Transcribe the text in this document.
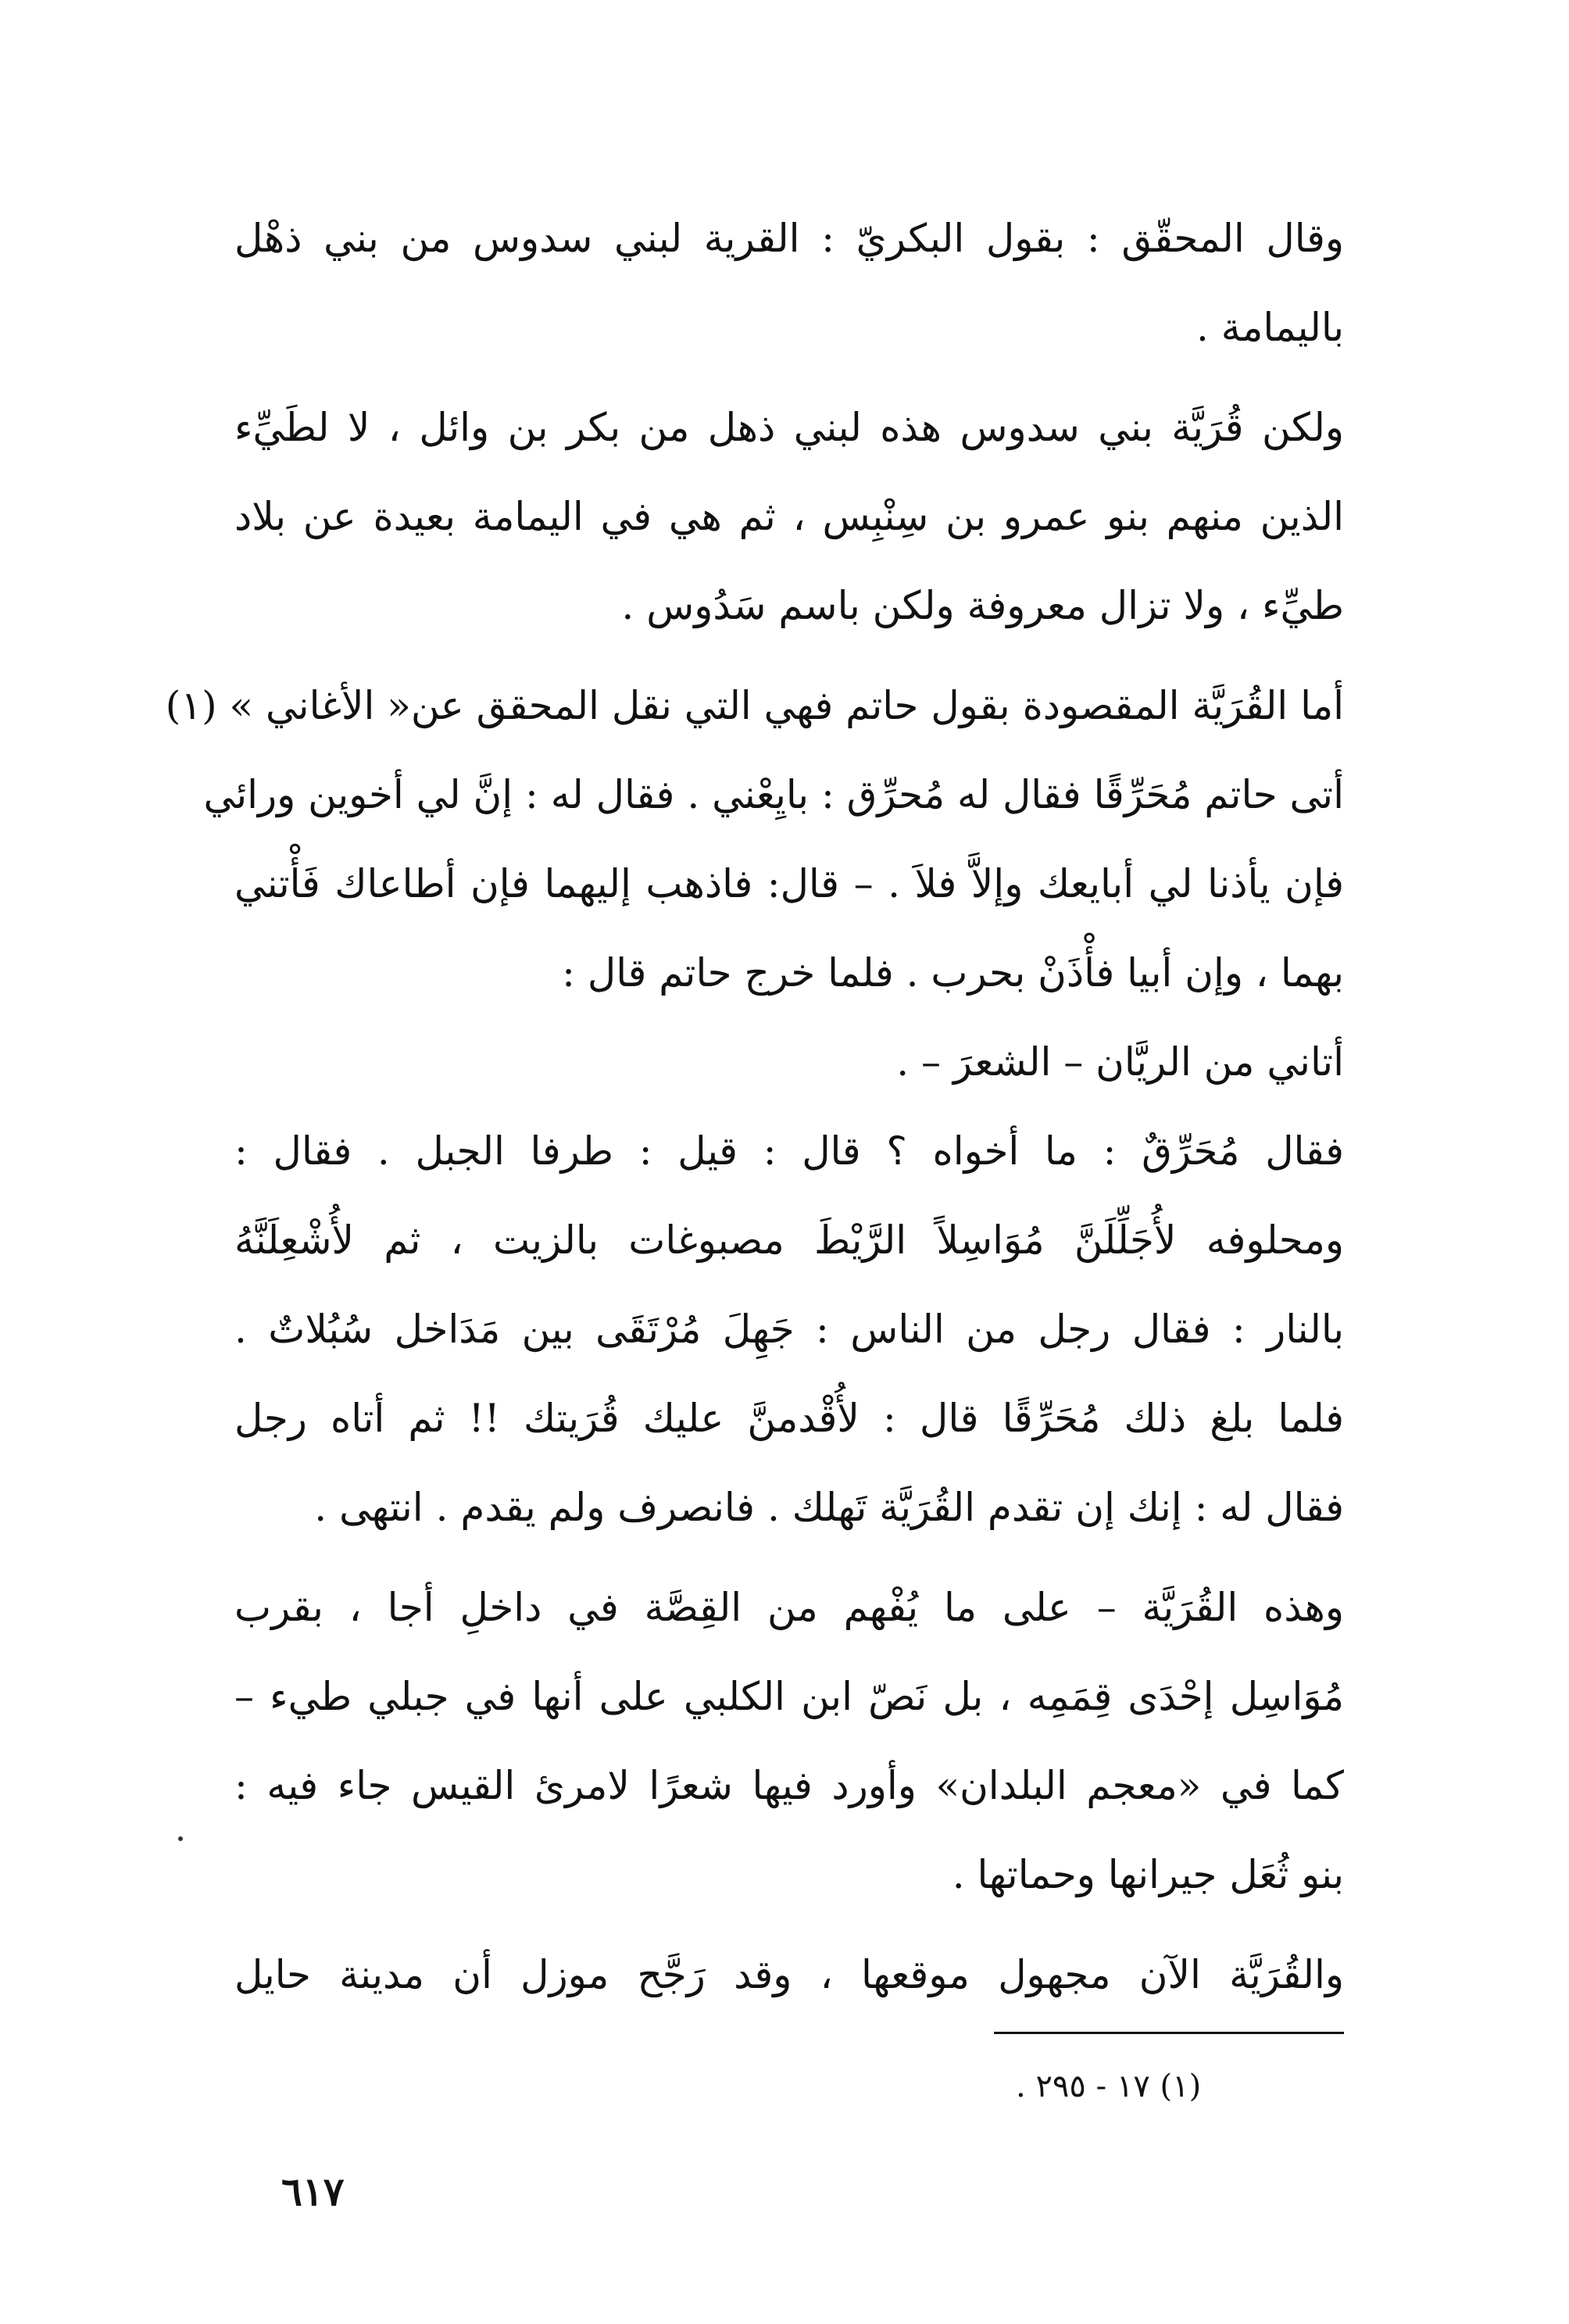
وقال المحقّق : بقول البكريّ : القرية لبني سدوس من بني ذهْل
باليمامة .
ولكن قُرَيَّة بني سدوس هذه لبني ذهل من بكر بن وائل ، لا لطَيِّء
الذين منهم بنو عمرو بن سِنْبِس ، ثم هي في اليمامة بعيدة عن بلاد
طيِّء ، ولا تزال معروفة ولكن باسم سَدُوس .
أما القُرَيَّة المقصودة بقول حاتم فهي التي نقل المحقق عن« الأغاني » (١)
أتى حاتم مُحَرِّقًا فقال له مُحرِّق : بايِعْني . فقال له : إنَّ لي أخوين ورائي
فإن يأذنا لي أبايعك وإلاَّ فلاَ . – قال: فاذهب إليهما فإن أطاعاك فَأْتني
بهما ، وإن أبيا فأْذَنْ بحرب . فلما خرج حاتم قال :
أتاني من الريَّان – الشعرَ – .
فقال مُحَرِّقٌ : ما أخواه ؟ قال : قيل : طرفا الجبل . فقال :
ومحلوفه لأُجَلِّلَنَّ مُوَاسِلاً الرَّيْطَ مصبوغات بالزيت ، ثم لأُشْعِلَنَّهُ
بالنار : فقال رجل من الناس : جَهِلَ مُرْتَقَى بين مَدَاخل سُبُلاتٌ .
فلما بلغ ذلك مُحَرِّقًا قال : لأُقْدمنَّ عليك قُرَيتك !! ثم أتاه رجل
فقال له : إنك إن تقدم القُرَيَّة تَهلك . فانصرف ولم يقدم . انتهى .
وهذه القُرَيَّة – على ما يُفْهم من القِصَّة في داخلِ أجا ، بقرب
مُوَاسِل إحْدَى قِمَمِه ، بل نَصّ ابن الكلبي على أنها في جبلي طيء –
كما في «معجم البلدان» وأورد فيها شعرًا لامرئ القيس جاء فيه :
بنو ثُعَل جيرانها وحماتها .
والقُرَيَّة الآن مجهول موقعها ، وقد رَجَّح موزل أن مدينة حايل
(١) ١٧ - ٢٩٥ .
٦١٧
